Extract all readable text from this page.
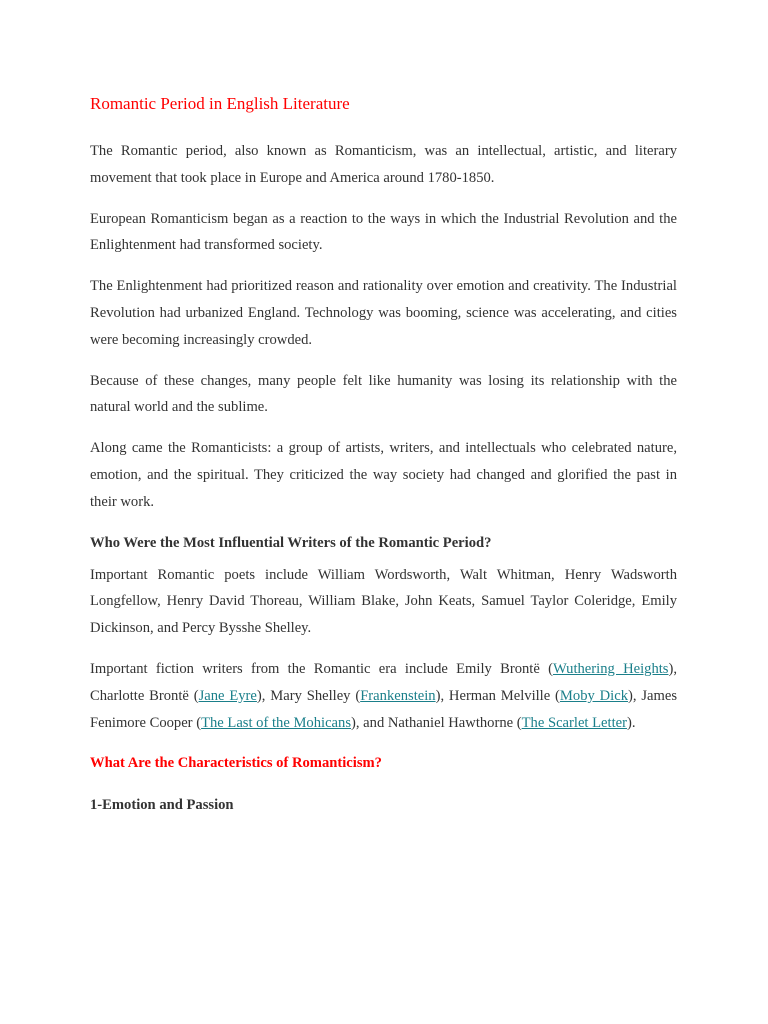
Romantic Period in English Literature

The Romantic period, also known as Romanticism, was an intellectual, artistic, and literary movement that took place in Europe and America around 1780-1850.

European Romanticism began as a reaction to the ways in which the Industrial Revolution and the Enlightenment had transformed society.

The Enlightenment had prioritized reason and rationality over emotion and creativity. The Industrial Revolution had urbanized England. Technology was booming, science was accelerating, and cities were becoming increasingly crowded.

Because of these changes, many people felt like humanity was losing its relationship with the natural world and the sublime.

Along came the Romanticists: a group of artists, writers, and intellectuals who celebrated nature, emotion, and the spiritual. They criticized the way society had changed and glorified the past in their work.

Who Were the Most Influential Writers of the Romantic Period?

Important Romantic poets include William Wordsworth, Walt Whitman, Henry Wadsworth Longfellow, Henry David Thoreau, William Blake, John Keats, Samuel Taylor Coleridge, Emily Dickinson, and Percy Bysshe Shelley.

Important fiction writers from the Romantic era include Emily Brontë (Wuthering Heights), Charlotte Brontë (Jane Eyre), Mary Shelley (Frankenstein), Herman Melville (Moby Dick), James Fenimore Cooper (The Last of the Mohicans), and Nathaniel Hawthorne (The Scarlet Letter).

What Are the Characteristics of Romanticism?
1-Emotion and Passion
